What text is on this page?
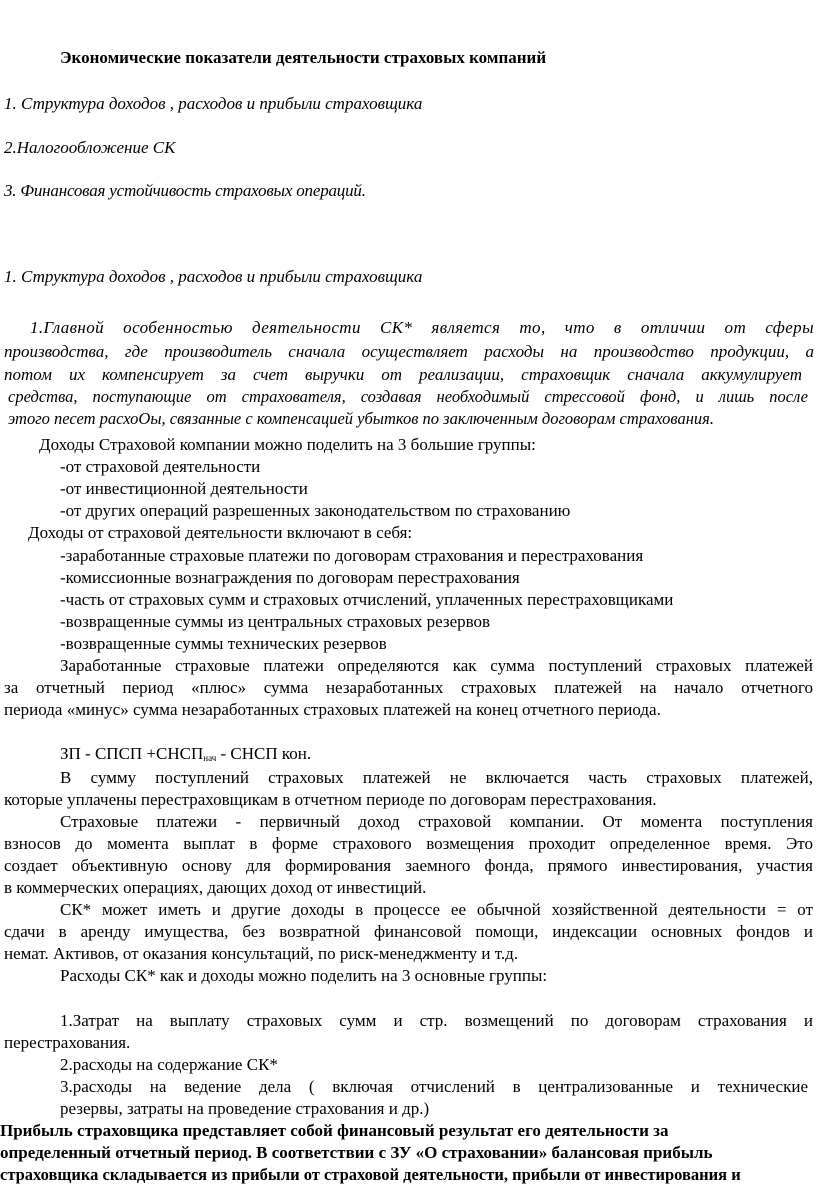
Экономические показатели деятельности страховых компаний
1. Структура доходов , расходов и прибыли страховщика
2.Налогообложение СК
3. Финансовая устойчивость страховых операций.
1. Структура доходов , расходов и прибыли страховщика
1.Главной особенностью деятельности СК* является то, что в отличии от сферы
производства, где производитель сначала осуществляет расходы на производство продукции, а
потом их компенсирует за счет выручки от реализации, страховщик сначала аккумулирует
средства, поступающие от страхователя, создавая необходимый стрессовой фонд, и лишь после
этого песет расхоОы, связанные с компенсацией убытков по заключенным договорам страхования.
Доходы Страховой компании можно поделить на 3 большие группы:
-от страховой деятельности
-от инвестиционной деятельности
-от других операций разрешенных законодательством по страхованию
Доходы от страховой деятельности включают в себя:
-заработанные страховые платежи по договорам страхования и перестрахования
-комиссионные вознаграждения по договорам перестрахования
-часть от страховых сумм и страховых отчислений, уплаченных перестраховщиками
-возвращенные суммы из центральных страховых резервов
-возвращенные суммы технических резервов
Заработанные страховые платежи определяются как сумма поступлений страховых платежей
за отчетный период «плюс» сумма незаработанных страховых платежей на начало отчетного
периода «минус» сумма незаработанных страховых платежей на конец отчетного периода.
ЗП - СПСП $+СНСП_{нач}$ - СНСП кон.
В сумму поступлений страховых платежей не включается часть страховых платежей,
которые уплачены перестраховщикам в отчетном периоде по договорам перестрахования.
Страховые платежи - первичный доход страховой компании. От момента поступления
взносов до момента выплат в форме страхового возмещения проходит определенное время. Это
создает объективную основу для формирования заемного фонда, прямого инвестирования, участия
в коммерческих операциях, дающих доход от инвестиций.
СК* может иметь и другие доходы в процессе ее обычной хозяйственной деятельности = от
сдачи в аренду имущества, без возвратной финансовой помощи, индексации основных фондов и
немат. Активов, от оказания консультаций, по риск-менеджменту и т.д.
Расходы СК* как и доходы можно поделить на 3 основные группы:
1.Затрат на выплату страховых сумм и стр. возмещений по договорам страхования и
перестрахования.
2.расходы на содержание СК*
3.расходы на ведение дела ( включая отчислений в централизованные и технические
резервы, затраты на проведение страхования и др.)
Прибыль страховщика представляет собой финансовый результат его деятельности за
определенный отчетный период. В соответствии с ЗУ «О страховании» балансовая прибыль
страховщика складывается из прибыли от страховой деятельности, прибыли от инвестирования и
